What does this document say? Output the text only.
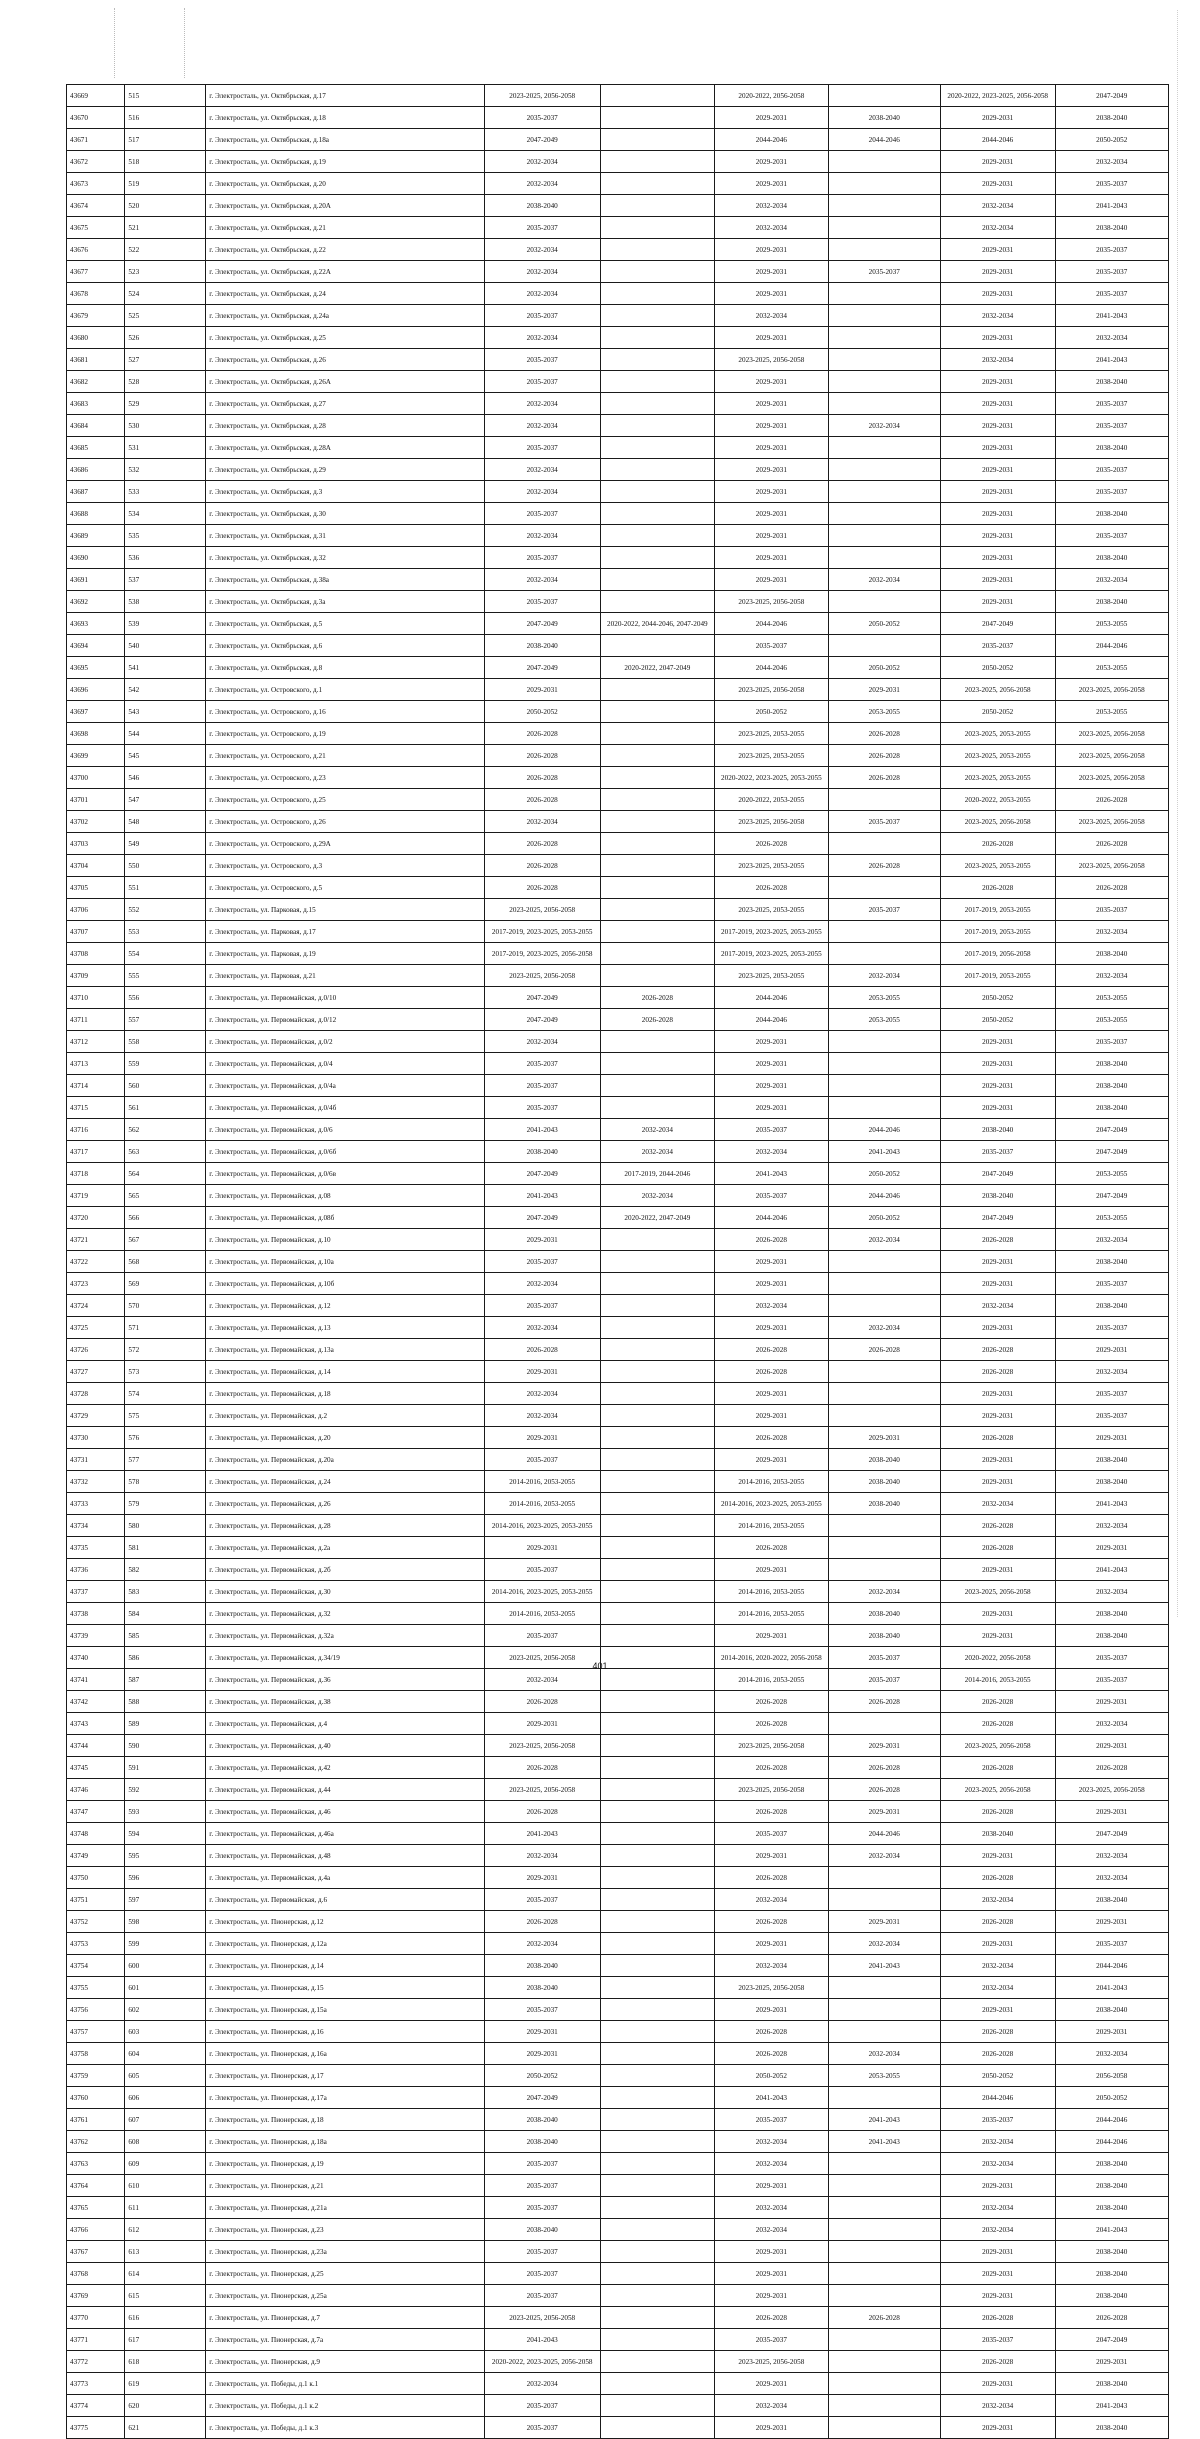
43669	515	г. Электросталь, ул. Октябрьская, д.17	2023-2025, 2056-2058		2020-2022, 2056-2058		2020-2022, 2023-2025, 2056-2058	2047-2049
43670	516	г. Электросталь, ул. Октябрьская, д.18	2035-2037		2029-2031	2038-2040	2029-2031	2038-2040
43671	517	г. Электросталь, ул. Октябрьская, д.18а	2047-2049		2044-2046	2044-2046	2044-2046	2050-2052
43672	518	г. Электросталь, ул. Октябрьская, д.19	2032-2034		2029-2031		2029-2031	2032-2034
43673	519	г. Электросталь, ул. Октябрьская, д.20	2032-2034		2029-2031		2029-2031	2035-2037
43674	520	г. Электросталь, ул. Октябрьская, д.20А	2038-2040		2032-2034		2032-2034	2041-2043
43675	521	г. Электросталь, ул. Октябрьская, д.21	2035-2037		2032-2034		2032-2034	2038-2040
43676	522	г. Электросталь, ул. Октябрьская, д.22	2032-2034		2029-2031		2029-2031	2035-2037
43677	523	г. Электросталь, ул. Октябрьская, д.22А	2032-2034		2029-2031	2035-2037	2029-2031	2035-2037
43678	524	г. Электросталь, ул. Октябрьская, д.24	2032-2034		2029-2031		2029-2031	2035-2037
43679	525	г. Электросталь, ул. Октябрьская, д.24а	2035-2037		2032-2034		2032-2034	2041-2043
43680	526	г. Электросталь, ул. Октябрьская, д.25	2032-2034		2029-2031		2029-2031	2032-2034
43681	527	г. Электросталь, ул. Октябрьская, д.26	2035-2037		2023-2025, 2056-2058		2032-2034	2041-2043
43682	528	г. Электросталь, ул. Октябрьская, д.26А	2035-2037		2029-2031		2029-2031	2038-2040
43683	529	г. Электросталь, ул. Октябрьская, д.27	2032-2034		2029-2031		2029-2031	2035-2037
43684	530	г. Электросталь, ул. Октябрьская, д.28	2032-2034		2029-2031	2032-2034	2029-2031	2035-2037
43685	531	г. Электросталь, ул. Октябрьская, д.28А	2035-2037		2029-2031		2029-2031	2038-2040
43686	532	г. Электросталь, ул. Октябрьская, д.29	2032-2034		2029-2031		2029-2031	2035-2037
43687	533	г. Электросталь, ул. Октябрьская, д.3	2032-2034		2029-2031		2029-2031	2035-2037
43688	534	г. Электросталь, ул. Октябрьская, д.30	2035-2037		2029-2031		2029-2031	2038-2040
43689	535	г. Электросталь, ул. Октябрьская, д.31	2032-2034		2029-2031		2029-2031	2035-2037
43690	536	г. Электросталь, ул. Октябрьская, д.32	2035-2037		2029-2031		2029-2031	2038-2040
43691	537	г. Электросталь, ул. Октябрьская, д.38а	2032-2034		2029-2031	2032-2034	2029-2031	2032-2034
43692	538	г. Электросталь, ул. Октябрьская, д.3а	2035-2037		2023-2025, 2056-2058		2029-2031	2038-2040
43693	539	г. Электросталь, ул. Октябрьская, д.5	2047-2049	2020-2022, 2044-2046, 2047-2049	2044-2046	2050-2052	2047-2049	2053-2055
43694	540	г. Электросталь, ул. Октябрьская, д.6	2038-2040		2035-2037		2035-2037	2044-2046
43695	541	г. Электросталь, ул. Октябрьская, д.8	2047-2049	2020-2022, 2047-2049	2044-2046	2050-2052	2050-2052	2053-2055
43696	542	г. Электросталь, ул. Островского, д.1	2029-2031		2023-2025, 2056-2058	2029-2031	2023-2025, 2056-2058	2023-2025, 2056-2058
43697	543	г. Электросталь, ул. Островского, д.16	2050-2052		2050-2052	2053-2055	2050-2052	2053-2055
43698	544	г. Электросталь, ул. Островского, д.19	2026-2028		2023-2025, 2053-2055	2026-2028	2023-2025, 2053-2055	2023-2025, 2056-2058
43699	545	г. Электросталь, ул. Островского, д.21	2026-2028		2023-2025, 2053-2055	2026-2028	2023-2025, 2053-2055	2023-2025, 2056-2058
43700	546	г. Электросталь, ул. Островского, д.23	2026-2028		2020-2022, 2023-2025, 2053-2055	2026-2028	2023-2025, 2053-2055	2023-2025, 2056-2058
43701	547	г. Электросталь, ул. Островского, д.25	2026-2028		2020-2022, 2053-2055		2020-2022, 2053-2055	2026-2028
43702	548	г. Электросталь, ул. Островского, д.26	2032-2034		2023-2025, 2056-2058	2035-2037	2023-2025, 2056-2058	2023-2025, 2056-2058
43703	549	г. Электросталь, ул. Островского, д.29А	2026-2028		2026-2028		2026-2028	2026-2028
43704	550	г. Электросталь, ул. Островского, д.3	2026-2028		2023-2025, 2053-2055	2026-2028	2023-2025, 2053-2055	2023-2025, 2056-2058
43705	551	г. Электросталь, ул. Островского, д.5	2026-2028		2026-2028		2026-2028	2026-2028
43706	552	г. Электросталь, ул. Парковая, д.15	2023-2025, 2056-2058		2023-2025, 2053-2055	2035-2037	2017-2019, 2053-2055	2035-2037
43707	553	г. Электросталь, ул. Парковая, д.17	2017-2019, 2023-2025, 2053-2055		2017-2019, 2023-2025, 2053-2055		2017-2019, 2053-2055	2032-2034
43708	554	г. Электросталь, ул. Парковая, д.19	2017-2019, 2023-2025, 2056-2058		2017-2019, 2023-2025, 2053-2055		2017-2019, 2056-2058	2038-2040
43709	555	г. Электросталь, ул. Парковая, д.21	2023-2025, 2056-2058		2023-2025, 2053-2055	2032-2034	2017-2019, 2053-2055	2032-2034
43710	556	г. Электросталь, ул. Первомайская, д.0/10	2047-2049	2026-2028	2044-2046	2053-2055	2050-2052	2053-2055
43711	557	г. Электросталь, ул. Первомайская, д.0/12	2047-2049	2026-2028	2044-2046	2053-2055	2050-2052	2053-2055
43712	558	г. Электросталь, ул. Первомайская, д.0/2	2032-2034		2029-2031		2029-2031	2035-2037
43713	559	г. Электросталь, ул. Первомайская, д.0/4	2035-2037		2029-2031		2029-2031	2038-2040
43714	560	г. Электросталь, ул. Первомайская, д.0/4а	2035-2037		2029-2031		2029-2031	2038-2040
43715	561	г. Электросталь, ул. Первомайская, д.0/4б	2035-2037		2029-2031		2029-2031	2038-2040
43716	562	г. Электросталь, ул. Первомайская, д.0/6	2041-2043	2032-2034	2035-2037	2044-2046	2038-2040	2047-2049
43717	563	г. Электросталь, ул. Первомайская, д.0/6б	2038-2040	2032-2034	2032-2034	2041-2043	2035-2037	2047-2049
43718	564	г. Электросталь, ул. Первомайская, д.0/6в	2047-2049	2017-2019, 2044-2046	2041-2043	2050-2052	2047-2049	2053-2055
43719	565	г. Электросталь, ул. Первомайская, д.08	2041-2043	2032-2034	2035-2037	2044-2046	2038-2040	2047-2049
43720	566	г. Электросталь, ул. Первомайская, д.08б	2047-2049	2020-2022, 2047-2049	2044-2046	2050-2052	2047-2049	2053-2055
43721	567	г. Электросталь, ул. Первомайская, д.10	2029-2031		2026-2028	2032-2034	2026-2028	2032-2034
43722	568	г. Электросталь, ул. Первомайская, д.10а	2035-2037		2029-2031		2029-2031	2038-2040
43723	569	г. Электросталь, ул. Первомайская, д.10б	2032-2034		2029-2031		2029-2031	2035-2037
43724	570	г. Электросталь, ул. Первомайская, д.12	2035-2037		2032-2034		2032-2034	2038-2040
43725	571	г. Электросталь, ул. Первомайская, д.13	2032-2034		2029-2031	2032-2034	2029-2031	2035-2037
43726	572	г. Электросталь, ул. Первомайская, д.13а	2026-2028		2026-2028	2026-2028	2026-2028	2029-2031
43727	573	г. Электросталь, ул. Первомайская, д.14	2029-2031		2026-2028		2026-2028	2032-2034
43728	574	г. Электросталь, ул. Первомайская, д.18	2032-2034		2029-2031		2029-2031	2035-2037
43729	575	г. Электросталь, ул. Первомайская, д.2	2032-2034		2029-2031		2029-2031	2035-2037
43730	576	г. Электросталь, ул. Первомайская, д.20	2029-2031		2026-2028	2029-2031	2026-2028	2029-2031
43731	577	г. Электросталь, ул. Первомайская, д.20а	2035-2037		2029-2031	2038-2040	2029-2031	2038-2040
43732	578	г. Электросталь, ул. Первомайская, д.24	2014-2016, 2053-2055		2014-2016, 2053-2055	2038-2040	2029-2031	2038-2040
43733	579	г. Электросталь, ул. Первомайская, д.26	2014-2016, 2053-2055		2014-2016, 2023-2025, 2053-2055	2038-2040	2032-2034	2041-2043
43734	580	г. Электросталь, ул. Первомайская, д.28	2014-2016, 2023-2025, 2053-2055		2014-2016, 2053-2055		2026-2028	2032-2034
43735	581	г. Электросталь, ул. Первомайская, д.2а	2029-2031		2026-2028		2026-2028	2029-2031
43736	582	г. Электросталь, ул. Первомайская, д.2б	2035-2037		2029-2031		2029-2031	2041-2043
43737	583	г. Электросталь, ул. Первомайская, д.30	2014-2016, 2023-2025, 2053-2055		2014-2016, 2053-2055	2032-2034	2023-2025, 2056-2058	2032-2034
43738	584	г. Электросталь, ул. Первомайская, д.32	2014-2016, 2053-2055		2014-2016, 2053-2055	2038-2040	2029-2031	2038-2040
43739	585	г. Электросталь, ул. Первомайская, д.32а	2035-2037		2029-2031	2038-2040	2029-2031	2038-2040
43740	586	г. Электросталь, ул. Первомайская, д.34/19	2023-2025, 2056-2058		2014-2016, 2020-2022, 2056-2058	2035-2037	2020-2022, 2056-2058	2035-2037
43741	587	г. Электросталь, ул. Первомайская, д.36	2032-2034		2014-2016, 2053-2055	2035-2037	2014-2016, 2053-2055	2035-2037
43742	588	г. Электросталь, ул. Первомайская, д.38	2026-2028		2026-2028	2026-2028	2026-2028	2029-2031
43743	589	г. Электросталь, ул. Первомайская, д.4	2029-2031		2026-2028		2026-2028	2032-2034
43744	590	г. Электросталь, ул. Первомайская, д.40	2023-2025, 2056-2058		2023-2025, 2056-2058	2029-2031	2023-2025, 2056-2058	2029-2031
43745	591	г. Электросталь, ул. Первомайская, д.42	2026-2028		2026-2028	2026-2028	2026-2028	2026-2028
43746	592	г. Электросталь, ул. Первомайская, д.44	2023-2025, 2056-2058		2023-2025, 2056-2058	2026-2028	2023-2025, 2056-2058	2023-2025, 2056-2058
43747	593	г. Электросталь, ул. Первомайская, д.46	2026-2028		2026-2028	2029-2031	2026-2028	2029-2031
43748	594	г. Электросталь, ул. Первомайская, д.46а	2041-2043		2035-2037	2044-2046	2038-2040	2047-2049
43749	595	г. Электросталь, ул. Первомайская, д.48	2032-2034		2029-2031	2032-2034	2029-2031	2032-2034
43750	596	г. Электросталь, ул. Первомайская, д.4а	2029-2031		2026-2028		2026-2028	2032-2034
43751	597	г. Электросталь, ул. Первомайская, д.6	2035-2037		2032-2034		2032-2034	2038-2040
43752	598	г. Электросталь, ул. Пионерская, д.12	2026-2028		2026-2028	2029-2031	2026-2028	2029-2031
43753	599	г. Электросталь, ул. Пионерская, д.12а	2032-2034		2029-2031	2032-2034	2029-2031	2035-2037
43754	600	г. Электросталь, ул. Пионерская, д.14	2038-2040		2032-2034	2041-2043	2032-2034	2044-2046
43755	601	г. Электросталь, ул. Пионерская, д.15	2038-2040		2023-2025, 2056-2058		2032-2034	2041-2043
43756	602	г. Электросталь, ул. Пионерская, д.15а	2035-2037		2029-2031		2029-2031	2038-2040
43757	603	г. Электросталь, ул. Пионерская, д.16	2029-2031		2026-2028		2026-2028	2029-2031
43758	604	г. Электросталь, ул. Пионерская, д.16а	2029-2031		2026-2028	2032-2034	2026-2028	2032-2034
43759	605	г. Электросталь, ул. Пионерская, д.17	2050-2052		2050-2052	2053-2055	2050-2052	2056-2058
43760	606	г. Электросталь, ул. Пионерская, д.17а	2047-2049		2041-2043		2044-2046	2050-2052
43761	607	г. Электросталь, ул. Пионерская, д.18	2038-2040		2035-2037	2041-2043	2035-2037	2044-2046
43762	608	г. Электросталь, ул. Пионерская, д.18а	2038-2040		2032-2034	2041-2043	2032-2034	2044-2046
43763	609	г. Электросталь, ул. Пионерская, д.19	2035-2037		2032-2034		2032-2034	2038-2040
43764	610	г. Электросталь, ул. Пионерская, д.21	2035-2037		2029-2031		2029-2031	2038-2040
43765	611	г. Электросталь, ул. Пионерская, д.21а	2035-2037		2032-2034		2032-2034	2038-2040
43766	612	г. Электросталь, ул. Пионерская, д.23	2038-2040		2032-2034		2032-2034	2041-2043
43767	613	г. Электросталь, ул. Пионерская, д.23а	2035-2037		2029-2031		2029-2031	2038-2040
43768	614	г. Электросталь, ул. Пионерская, д.25	2035-2037		2029-2031		2029-2031	2038-2040
43769	615	г. Электросталь, ул. Пионерская, д.25а	2035-2037		2029-2031		2029-2031	2038-2040
43770	616	г. Электросталь, ул. Пионерская, д.7	2023-2025, 2056-2058		2026-2028	2026-2028	2026-2028	2026-2028
43771	617	г. Электросталь, ул. Пионерская, д.7а	2041-2043		2035-2037		2035-2037	2047-2049
43772	618	г. Электросталь, ул. Пионерская, д.9	2020-2022, 2023-2025, 2056-2058		2023-2025, 2056-2058		2026-2028	2029-2031
43773	619	г. Электросталь, ул. Победы, д.1 к.1	2032-2034		2029-2031		2029-2031	2038-2040
43774	620	г. Электросталь, ул. Победы, д.1 к.2	2035-2037		2032-2034		2032-2034	2041-2043
43775	621	г. Электросталь, ул. Победы, д.1 к.3	2035-2037		2029-2031		2029-2031	2038-2040
401
